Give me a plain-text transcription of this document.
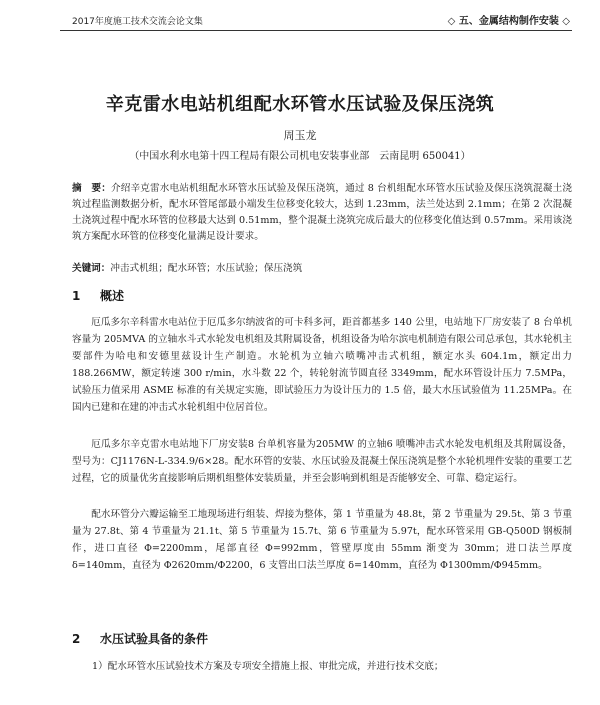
2017年度施工技术交流会论文集	◇ 五、金属结构制作安装 ◇
辛克雷水电站机组配水环管水压试验及保压浇筑
周玉龙
（中国水利水电第十四工程局有限公司机电安装事业部　云南昆明 650041）
摘　要：介绍辛克雷水电站机组配水环管水压试验及保压浇筑，通过 8 台机组配水环管水压试验及保压浇筑混凝土浇筑过程监测数据分析，配水环管尾部最小端发生位移变化较大，达到 1.23mm，法兰处达到 2.1mm；在第 2 次混凝土浇筑过程中配水环管的位移最大达到 0.51mm，整个混凝土浇筑完成后最大的位移变化值达到 0.57mm。采用该浇筑方案配水环管的位移变化量满足设计要求。
关键词：冲击式机组；配水环管；水压试验；保压浇筑
1 概述
厄瓜多尔辛科雷水电站位于厄瓜多尔纳波省的可卡科多河，距首都基多 140 公里，电站地下厂房安装了 8 台单机容量为 205MVA 的立轴水斗式水轮发电机组及其附属设备，机组设备为哈尔滨电机制造有限公司总承包，其水轮机主要部件为哈电和安德里兹设计生产制造。水轮机为立轴六喷嘴冲击式机组，额定水头 604.1m，额定出力 188.266MW，额定转速 300 r/min，水斗数 22 个，转轮射流节圆直径 3349mm，配水环管设计压力 7.5MPa，试验压力值采用 ASME 标准的有关规定实施，即试验压力为设计压力的 1.5 倍，最大水压试验值为 11.25MPa。在国内已建和在建的冲击式水轮机组中位居首位。
厄瓜多尔辛克雷水电站地下厂房安装8 台单机容量为205MW 的立轴6 喷嘴冲击式水轮发电机组及其附属设备，型号为：CJ1176N-L-334.9/6×28。配水环管的安装、水压试验及混凝土保压浇筑是整个水轮机埋件安装的重要工艺过程，它的质量优劣直接影响后期机组整体安装质量，并至会影响到机组是否能够安全、可靠、稳定运行。
配水环管分六瓣运输至工地现场进行组装、焊接为整体，第 1 节重量为 48.8t，第 2 节重量为 29.5t、第 3 节重量为 27.8t、第 4 节重量为 21.1t、第 5 节重量为 15.7t、第 6 节重量为 5.97t，配水环管采用 GB-Q500D 钢板制作，进口直径 Φ=2200mm，尾部直径 Φ=992mm，管壁厚度由 55mm 渐变为 30mm；进口法兰厚度 δ=140mm，直径为 Φ2620mm/Φ2200，6 支管出口法兰厚度 δ=140mm，直径为 Φ1300mm/Φ945mm。
2 水压试验具备的条件
1）配水环管水压试验技术方案及专项安全措施上报、审批完成，并进行技术交底；
